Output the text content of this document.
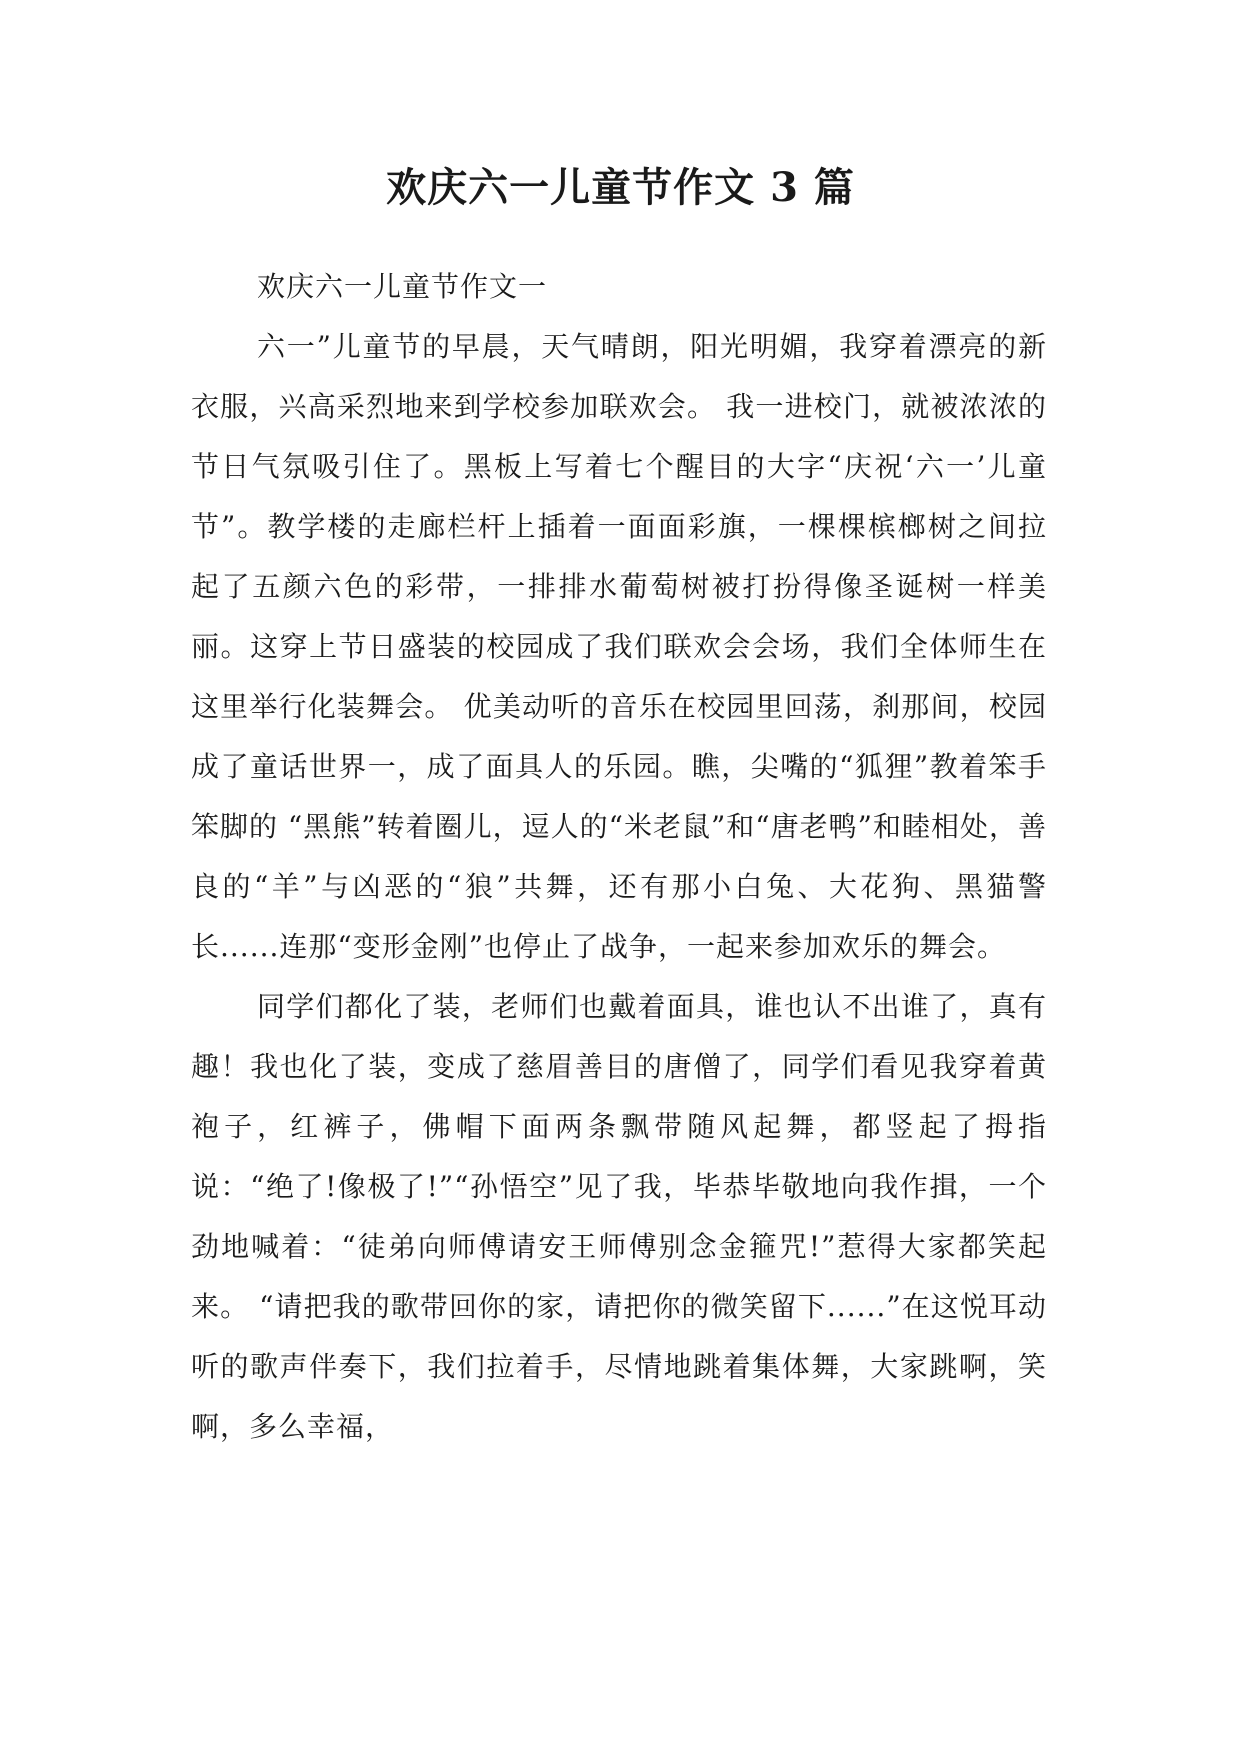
欢庆六一儿童节作文 3 篇

欢庆六一儿童节作文一

六一”儿童节的早晨，天气晴朗，阳光明媚，我穿着漂亮的新衣服，兴高采烈地来到学校参加联欢会。 我一进校门，就被浓浓的节日气氛吸引住了。黑板上写着七个醒目的大字“庆祝‘六一’儿童节”。教学楼的走廊栏杆上插着一面面彩旗，一棵棵槟榔树之间拉起了五颜六色的彩带，一排排水葡萄树被打扮得像圣诞树一样美丽。这穿上节日盛装的校园成了我们联欢会会场，我们全体师生在这里举行化装舞会。 优美动听的音乐在校园里回荡，刹那间，校园成了童话世界一，成了面具人的乐园。瞧，尖嘴的“狐狸”教着笨手笨脚的 “黑熊”转着圈儿，逗人的“米老鼠”和“唐老鸭”和睦相处，善良的“羊”与凶恶的“狼”共舞，还有那小白兔、大花狗、黑猫警长......连那“变形金刚”也停止了战争，一起来参加欢乐的舞会。

同学们都化了装，老师们也戴着面具，谁也认不出谁了，真有趣！我也化了装，变成了慈眉善目的唐僧了，同学们看见我穿着黄袍子，红裤子，佛帽下面两条飘带随风起舞，都竖起了拇指说：“绝了!像极了!”“孙悟空”见了我，毕恭毕敬地向我作揖，一个劲地喊着：“徒弟向师傅请安王师傅别念金箍咒!”惹得大家都笑起来。 “请把我的歌带回你的家，请把你的微笑留下......”在这悦耳动听的歌声伴奏下，我们拉着手，尽情地跳着集体舞，大家跳啊，笑啊，多么幸福，
